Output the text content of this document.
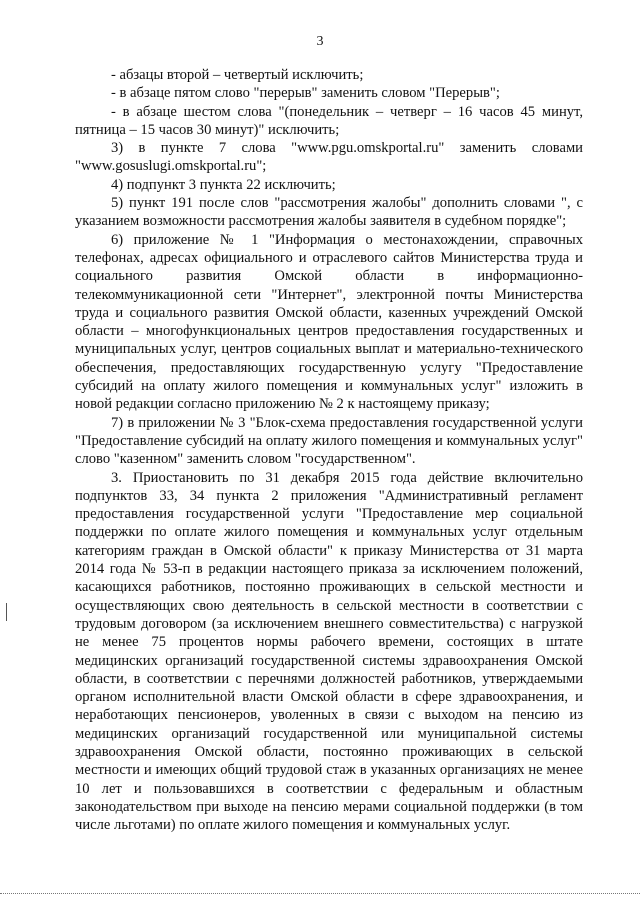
3

- абзацы второй – четвертый исключить;

- в абзаце пятом слово "перерыв" заменить словом "Перерыв";

- в абзаце шестом слова "(понедельник – четверг – 16 часов 45 минут, пятница – 15 часов 30 минут)" исключить;

3) в пункте 7 слова "www.pgu.omskportal.ru" заменить словами "www.gosuslugi.omskportal.ru";

4) подпункт 3 пункта 22 исключить;

5) пункт 191 после слов "рассмотрения жалобы" дополнить словами ", с указанием возможности рассмотрения жалобы заявителя в судебном порядке";

6) приложение № 1 "Информация о местонахождении, справочных телефонах, адресах официального и отраслевого сайтов Министерства труда и социального развития Омской области в информационно-телекоммуникационной сети "Интернет", электронной почты Министерства труда и социального развития Омской области, казенных учреждений Омской области – многофункциональных центров предоставления государственных и муниципальных услуг, центров социальных выплат и материально-технического обеспечения, предоставляющих государственную услугу "Предоставление субсидий на оплату жилого помещения и коммунальных услуг" изложить в новой редакции согласно приложению № 2 к настоящему приказу;

7) в приложении № 3 "Блок-схема предоставления государственной услуги "Предоставление субсидий на оплату жилого помещения и коммунальных услуг" слово "казенном" заменить словом "государственном".

3. Приостановить по 31 декабря 2015 года действие включительно подпунктов 33, 34 пункта 2 приложения "Административный регламент предоставления государственной услуги "Предоставление мер социальной поддержки по оплате жилого помещения и коммунальных услуг отдельным категориям граждан в Омской области" к приказу Министерства от 31 марта 2014 года № 53-п в редакции настоящего приказа за исключением положений, касающихся работников, постоянно проживающих в сельской местности и осуществляющих свою деятельность в сельской местности в соответствии с трудовым договором (за исключением внешнего совместительства) с нагрузкой не менее 75 процентов нормы рабочего времени, состоящих в штате медицинских организаций государственной системы здравоохранения Омской области, в соответствии с перечнями должностей работников, утверждаемыми органом исполнительной власти Омской области в сфере здравоохранения, и неработающих пенсионеров, уволенных в связи с выходом на пенсию из медицинских организаций государственной или муниципальной системы здравоохранения Омской области, постоянно проживающих в сельской местности и имеющих общий трудовой стаж в указанных организациях не менее 10 лет и пользовавшихся в соответствии с федеральным и областным законодательством при выходе на пенсию мерами социальной поддержки (в том числе льготами) по оплате жилого помещения и коммунальных услуг.
